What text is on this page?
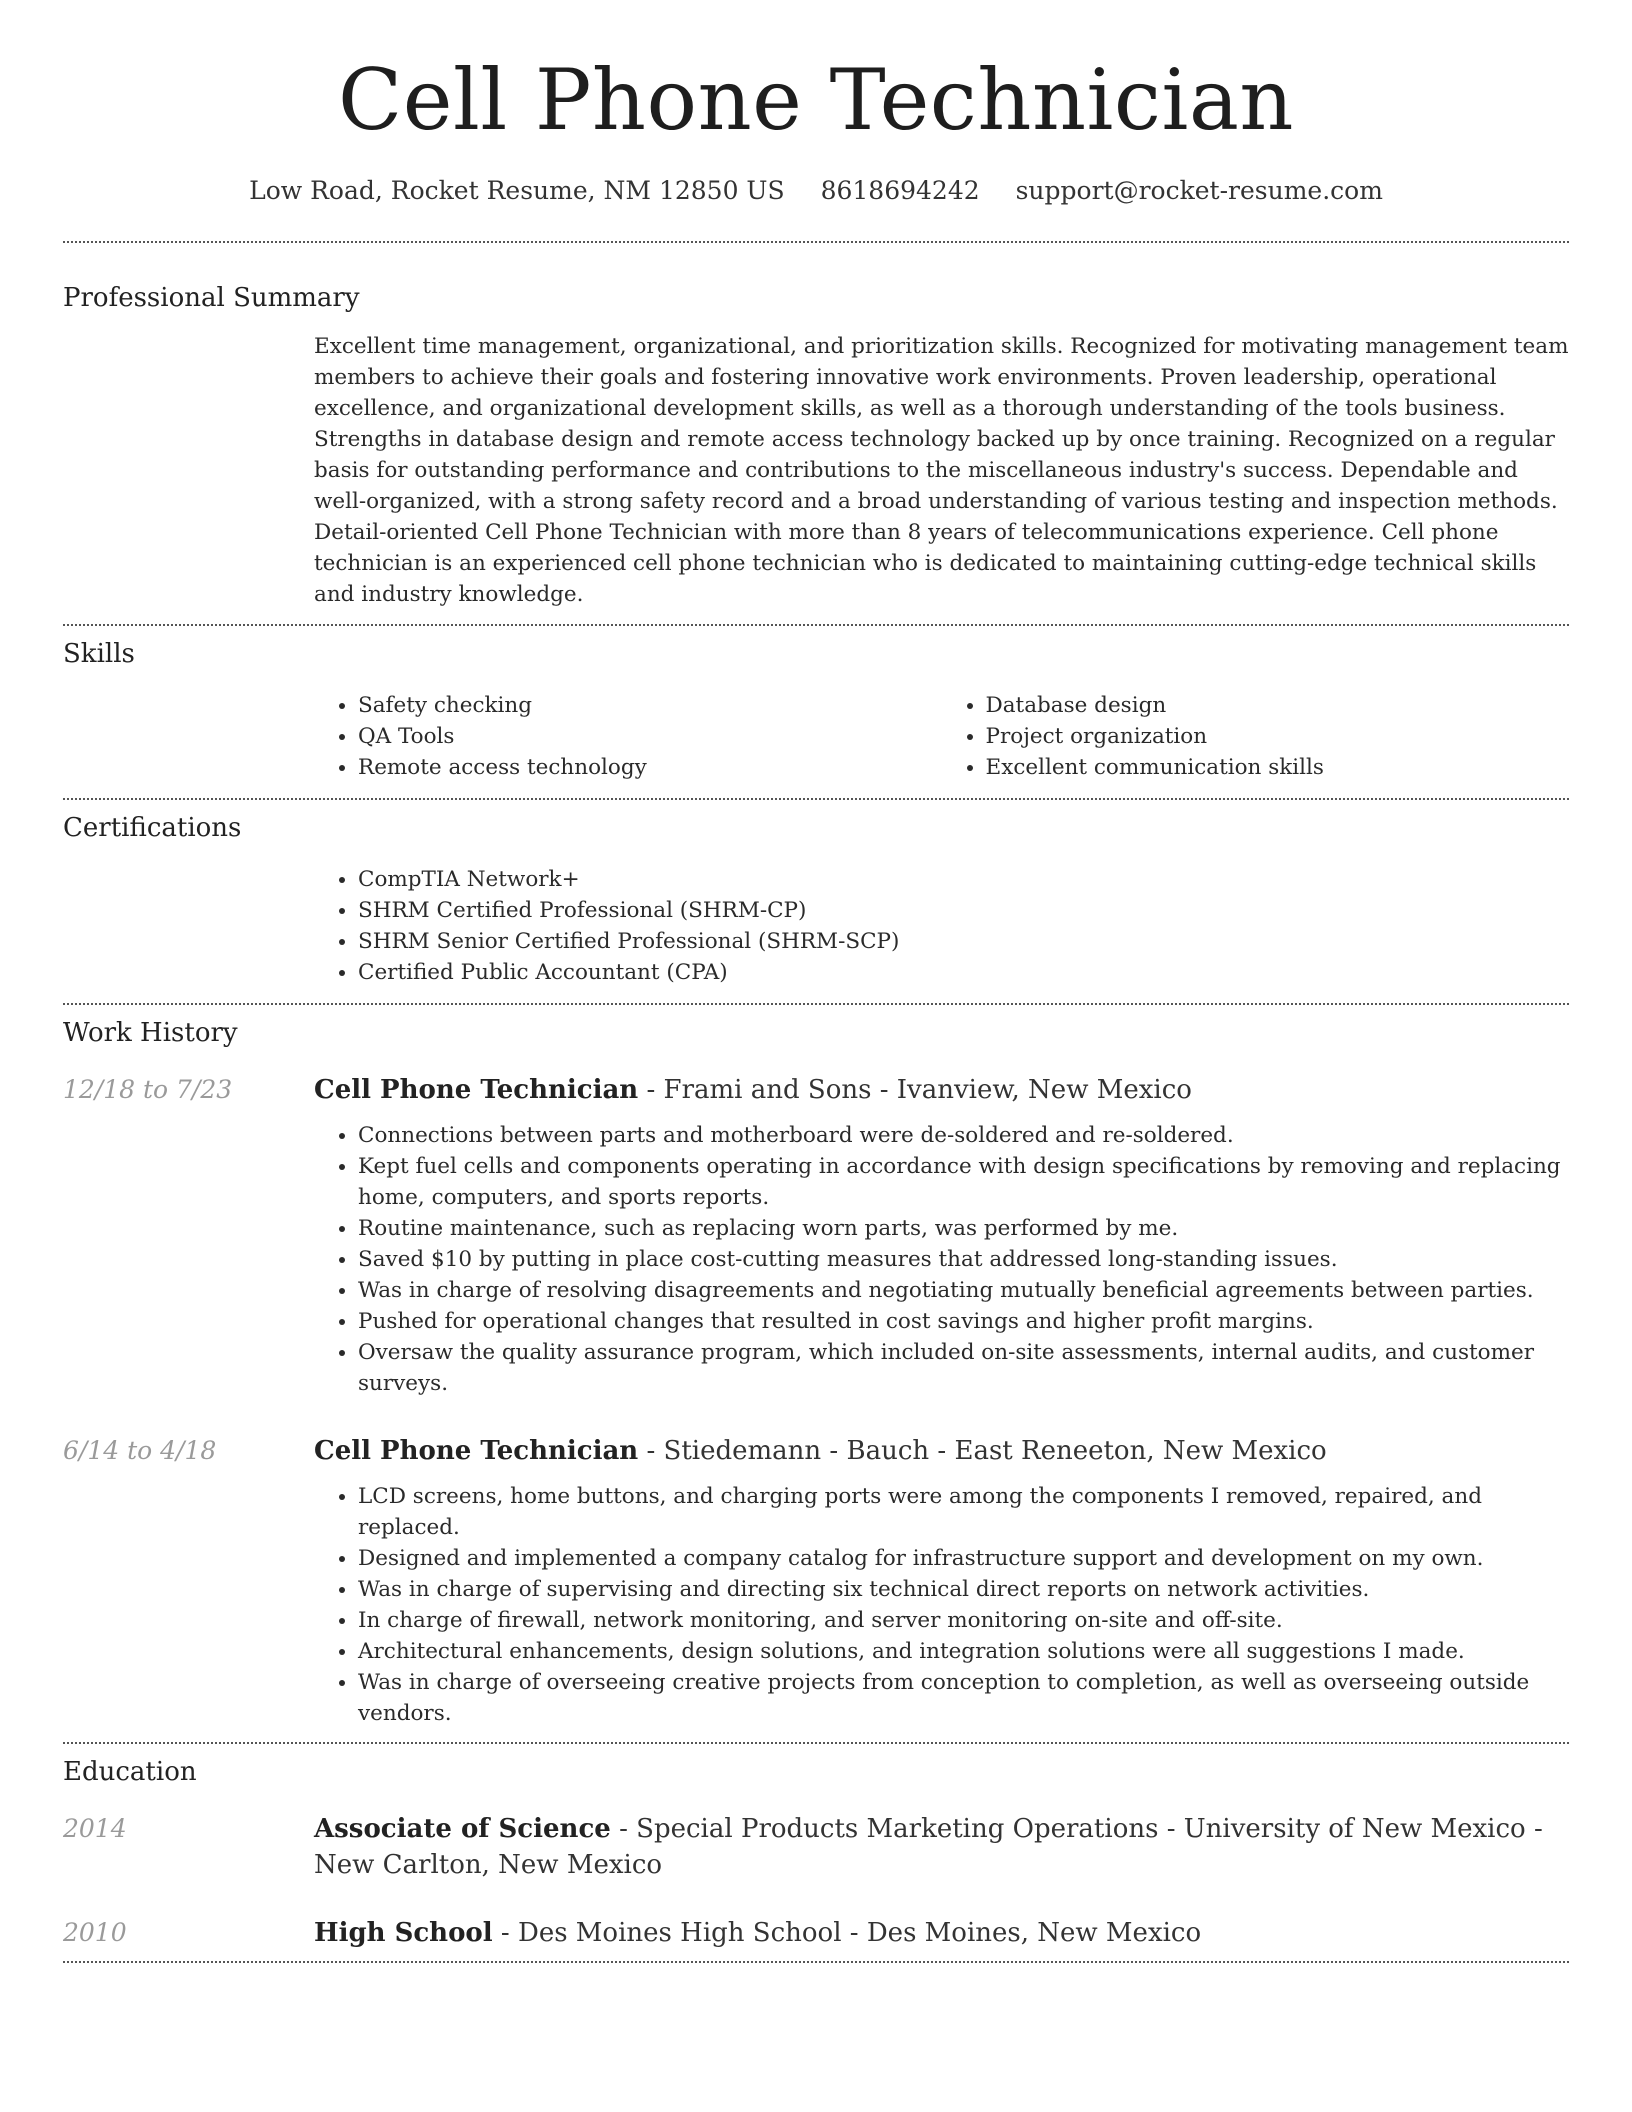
Cell Phone Technician
Low Road, Rocket Resume, NM 12850 US 8618694242 support@rocket-resume.com
Professional Summary

Excellent time management, organizational, and prioritization skills. Recognized for motivating management team members to achieve their goals and fostering innovative work environments. Proven leadership, operational excellence, and organizational development skills, as well as a thorough understanding of the tools business. Strengths in database design and remote access technology backed up by once training. Recognized on a regular basis for outstanding performance and contributions to the miscellaneous industry's success. Dependable and well-organized, with a strong safety record and a broad understanding of various testing and inspection methods. Detail-oriented Cell Phone Technician with more than 8 years of telecommunications experience. Cell phone technician is an experienced cell phone technician who is dedicated to maintaining cutting-edge technical skills and industry knowledge.

Skills
• Safety checking
• QA Tools
• Remote access technology
• Database design
• Project organization
• Excellent communication skills
Certifications
• CompTIA Network+
• SHRM Certified Professional (SHRM-CP)
• SHRM Senior Certified Professional (SHRM-SCP)
• Certified Public Accountant (CPA)
Work History
12/18 to 7/23	Cell Phone Technician - Frami and Sons - Ivanview, New Mexico
• Connections between parts and motherboard were de-soldered and re-soldered.
• Kept fuel cells and components operating in accordance with design specifications by removing and replacing home, computers, and sports reports.
• Routine maintenance, such as replacing worn parts, was performed by me.
• Saved $10 by putting in place cost-cutting measures that addressed long-standing issues.
• Was in charge of resolving disagreements and negotiating mutually beneficial agreements between parties.
• Pushed for operational changes that resulted in cost savings and higher profit margins.
• Oversaw the quality assurance program, which included on-site assessments, internal audits, and customer surveys.
6/14 to 4/18	Cell Phone Technician - Stiedemann - Bauch - East Reneeton, New Mexico
• LCD screens, home buttons, and charging ports were among the components I removed, repaired, and replaced.
• Designed and implemented a company catalog for infrastructure support and development on my own.
• Was in charge of supervising and directing six technical direct reports on network activities.
• In charge of firewall, network monitoring, and server monitoring on-site and off-site.
• Architectural enhancements, design solutions, and integration solutions were all suggestions I made.
• Was in charge of overseeing creative projects from conception to completion, as well as overseeing outside vendors.
Education
2014	Associate of Science - Special Products Marketing Operations - University of New Mexico - New Carlton, New Mexico
2010	High School - Des Moines High School - Des Moines, New Mexico
